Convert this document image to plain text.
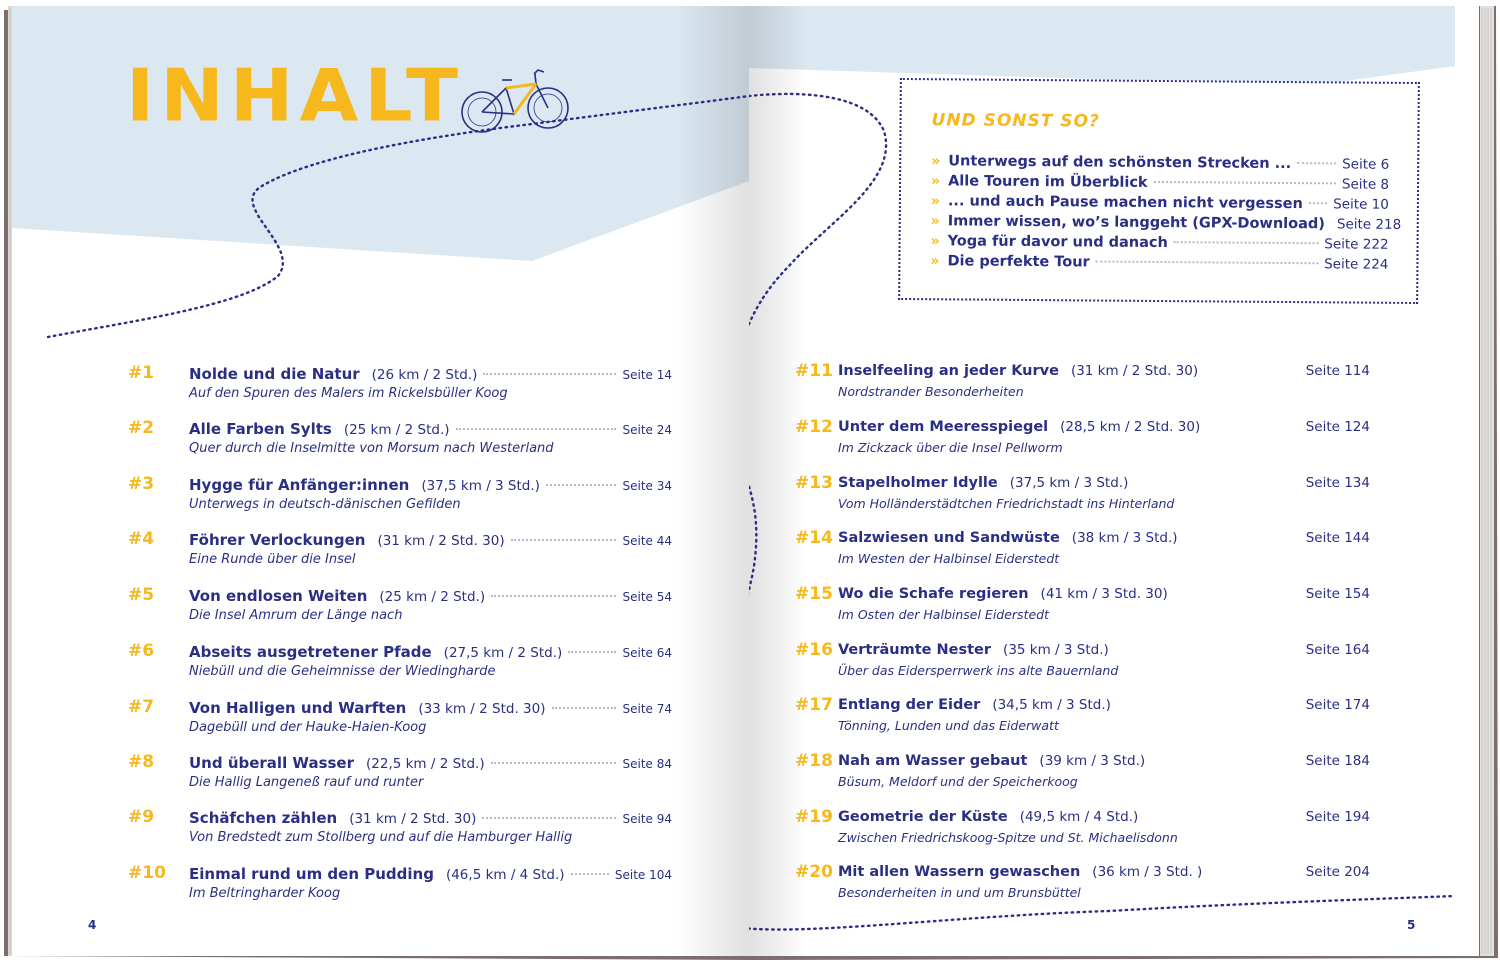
INHALT
#1 Nolde und die Natur (26 km / 2 Std.)	Seite 14
Auf den Spuren des Malers im Rickelsbüller Koog
#2 Alle Farben Sylts (25 km / 2 Std.)	Seite 24
Quer durch die Inselmitte von Morsum nach Westerland
#3 Hygge für Anfänger:innen (37,5 km / 3 Std.)	Seite 34
Unterwegs in deutsch-dänischen Gefilden
#4 Föhrer Verlockungen (31 km / 2 Std. 30)	Seite 44
Eine Runde über die Insel
#5 Von endlosen Weiten (25 km / 2 Std.)	Seite 54
Die Insel Amrum der Länge nach
#6 Abseits ausgetretener Pfade (27,5 km / 2 Std.)	Seite 64
Niebüll und die Geheimnisse der Wiedingharde
#7 Von Halligen und Warften (33 km / 2 Std. 30)	Seite 74
Dagebüll und der Hauke-Haien-Koog
#8 Und überall Wasser (22,5 km / 2 Std.)	Seite 84
Die Hallig Langeneß rauf und runter
#9 Schäfchen zählen (31 km / 2 Std. 30)	Seite 94
Von Bredstedt zum Stollberg und auf die Hamburger Hallig
#10 Einmal rund um den Pudding (46,5 km / 4 Std.)	Seite 104
Im Beltringharder Koog
4
UND SONST SO?
» Unterwegs auf den schönsten Strecken ...	Seite 6
» Alle Touren im Überblick	Seite 8
» ... und auch Pause machen nicht vergessen Seite 10
» Immer wissen, wo’s langgeht (GPX-Download) Seite 218
» Yoga für davor und danach	Seite 222
» Die perfekte Tour	Seite 224
#11 Inselfeeling an jeder Kurve (31 km / 2 Std. 30)	Seite 114
Nordstrander Besonderheiten
#12 Unter dem Meeresspiegel (28,5 km / 2 Std. 30)	Seite 124
Im Zickzack über die Insel Pellworm
#13 Stapelholmer Idylle (37,5 km / 3 Std.)	Seite 134
Vom Holländerstädtchen Friedrichstadt ins Hinterland
#14 Salzwiesen und Sandwüste (38 km / 3 Std.)	Seite 144
Im Westen der Halbinsel Eiderstedt
#15 Wo die Schafe regieren (41 km / 3 Std. 30)	Seite 154
Im Osten der Halbinsel Eiderstedt
#16 Verträumte Nester (35 km / 3 Std.)	Seite 164
Über das Eidersperrwerk ins alte Bauernland
#17 Entlang der Eider (34,5 km / 3 Std.)	Seite 174
Tönning, Lunden und das Eiderwatt
#18 Nah am Wasser gebaut (39 km / 3 Std.)	Seite 184
Büsum, Meldorf und der Speicherkoog
#19 Geometrie der Küste (49,5 km / 4 Std.)	Seite 194
Zwischen Friedrichskoog-Spitze und St. Michaelisdonn
#20 Mit allen Wassern gewaschen (36 km / 3 Std. )	Seite 204
Besonderheiten in und um Brunsbüttel
5
